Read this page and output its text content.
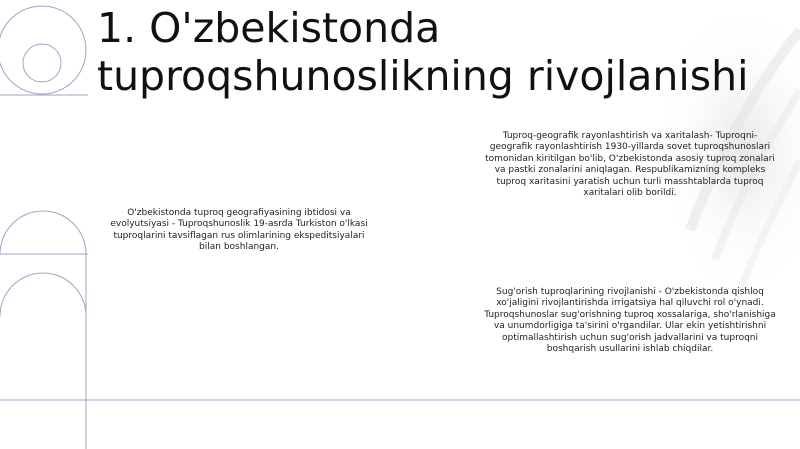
1. O'zbekistonda tuproqshunoslikning rivojlanishi

O'zbekistonda tuproq geografiyasining ibtidosi va evolyutsiyasi - Tuproqshunoslik 19-asrda Turkiston o'lkasi tuproqlarini tavsiflagan rus olimlarining ekspeditsiyalari bilan boshlangan.

Tuproq-geografik rayonlashtirish va xaritalash- Tuproqni-geografik rayonlashtirish 1930-yillarda sovet tuproqshunoslari tomonidan kiritilgan bo'lib, O'zbekistonda asosiy tuproq zonalari va pastki zonalarini aniqlagan. Respublikamizning kompleks tuproq xaritasini yaratish uchun turli masshtablarda tuproq xaritalari olib borildi.

Sug'orish tuproqlarining rivojlanishi - O'zbekistonda qishloq xo'jaligini rivojlantirishda irrigatsiya hal qiluvchi rol o'ynadi. Tuproqshunoslar sug'orishning tuproq xossalariga, sho'rlanishiga va unumdorligiga ta'sirini o'rgandilar. Ular ekin yetishtirishni optimallashtirish uchun sug'orish jadvallarini va tuproqni boshqarish usullarini ishlab chiqdilar.
